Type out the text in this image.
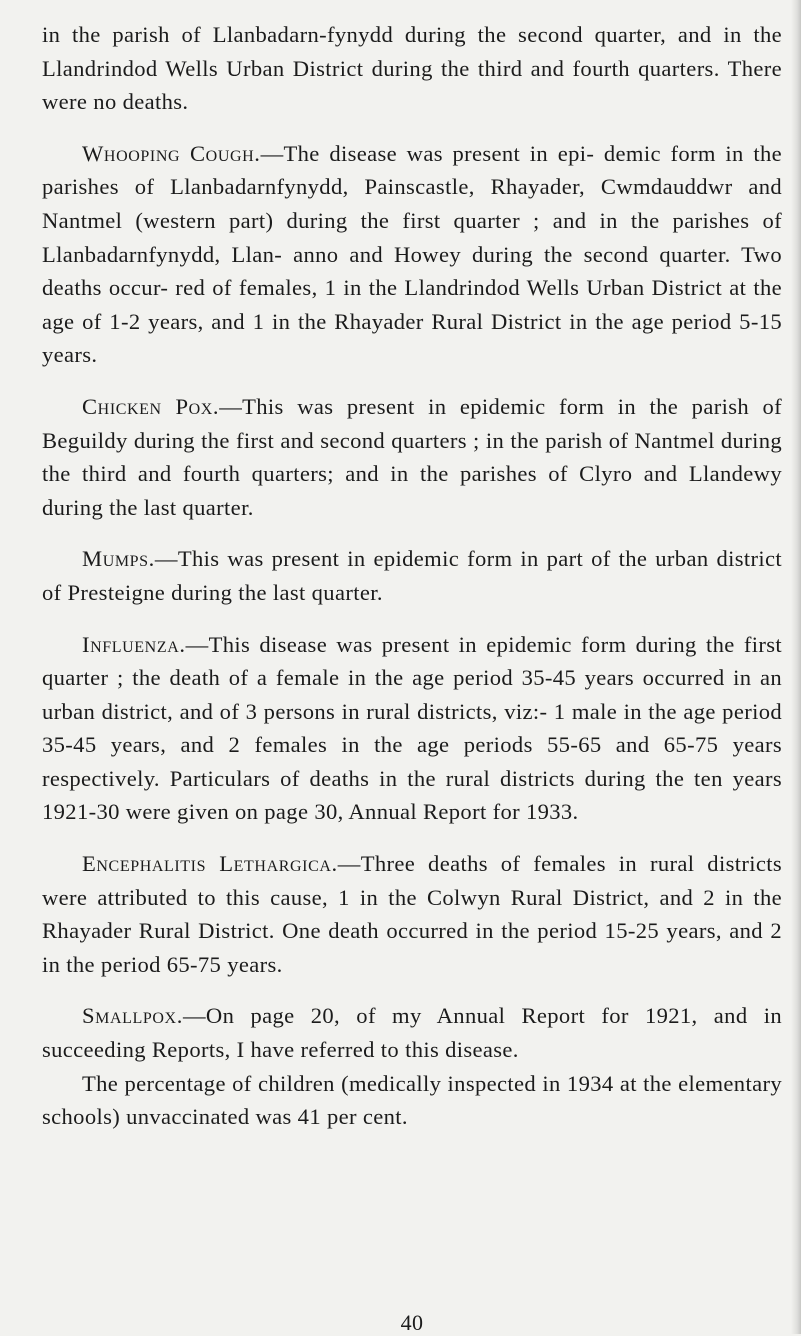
in the parish of Llanbadarn-fynydd during the second quarter, and in the Llandrindod Wells Urban District during the third and fourth quarters. There were no deaths.

Whooping Cough.—The disease was present in epi- demic form in the parishes of Llanbadarnfynydd, Painscastle, Rhayader, Cwmdauddwr and Nantmel (western part) during the first quarter ; and in the parishes of Llanbadarnfynydd, Llan- anno and Howey during the second quarter. Two deaths occur- red of females, 1 in the Llandrindod Wells Urban District at the age of 1-2 years, and 1 in the Rhayader Rural District in the age period 5-15 years.

Chicken Pox.—This was present in epidemic form in the parish of Beguildy during the first and second quarters ; in the parish of Nantmel during the third and fourth quarters; and in the parishes of Clyro and Llandewy during the last quarter.

Mumps.—This was present in epidemic form in part of the urban district of Presteigne during the last quarter.

Influenza.—This disease was present in epidemic form during the first quarter ; the death of a female in the age period 35-45 years occurred in an urban district, and of 3 persons in rural districts, viz:- 1 male in the age period 35-45 years, and 2 females in the age periods 55-65 and 65-75 years respectively. Particulars of deaths in the rural districts during the ten years 1921-30 were given on page 30, Annual Report for 1933.

Encephalitis Lethargica.—Three deaths of females in rural districts were attributed to this cause, 1 in the Colwyn Rural District, and 2 in the Rhayader Rural District. One death occurred in the period 15-25 years, and 2 in the period 65-75 years.

Smallpox.—On page 20, of my Annual Report for 1921, and in succeeding Reports, I have referred to this disease.

The percentage of children (medically inspected in 1934 at the elementary schools) unvaccinated was 41 per cent.

40
